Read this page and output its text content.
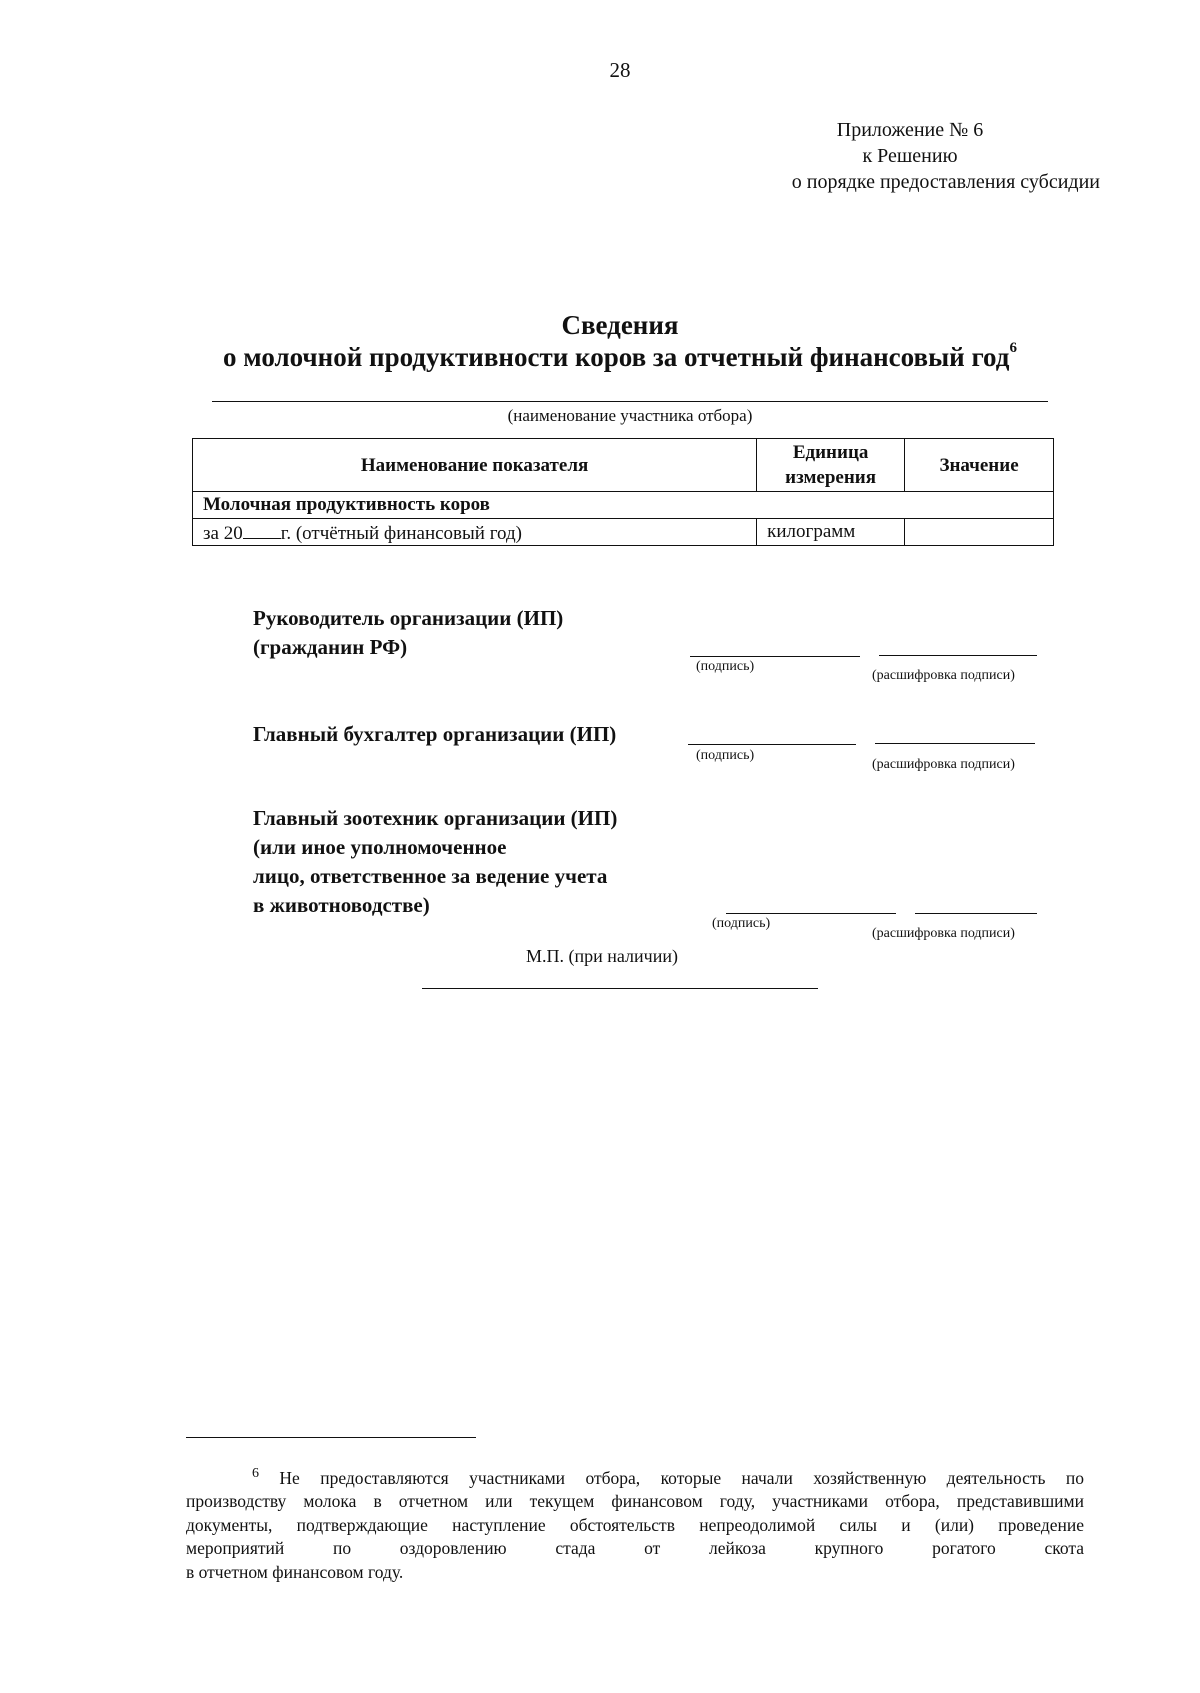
28
Приложение № 6
к Решению
о порядке предоставления субсидии
Сведения
о молочной продуктивности коров за отчетный финансовый год$^6$
(наименование участника отбора)
Наименование показателя	Единица измерения	Значение
Молочная продуктивность коров		
за 20 г. (отчётный финансовый год)	килограмм	
Руководитель организации (ИП)
(гражданин РФ)
(подпись)
(расшифровка подписи)
Главный бухгалтер организации (ИП)
(подпись)
(расшифровка подписи)
Главный зоотехник организации (ИП)
(или иное уполномоченное
лицо, ответственное за ведение учета
в животноводстве)
(подпись)
(расшифровка подписи)
М.П. (при наличии)
$^6$ Не предоставляются участниками отбора, которые начали хозяйственную деятельность по
производству молока в отчетном или текущем финансовом году, участниками отбора, представившими
документы, подтверждающие наступление обстоятельств непреодолимой силы и (или) проведение
мероприятий по оздоровлению стада от лейкоза крупного рогатого скота
в отчетном финансовом году.
